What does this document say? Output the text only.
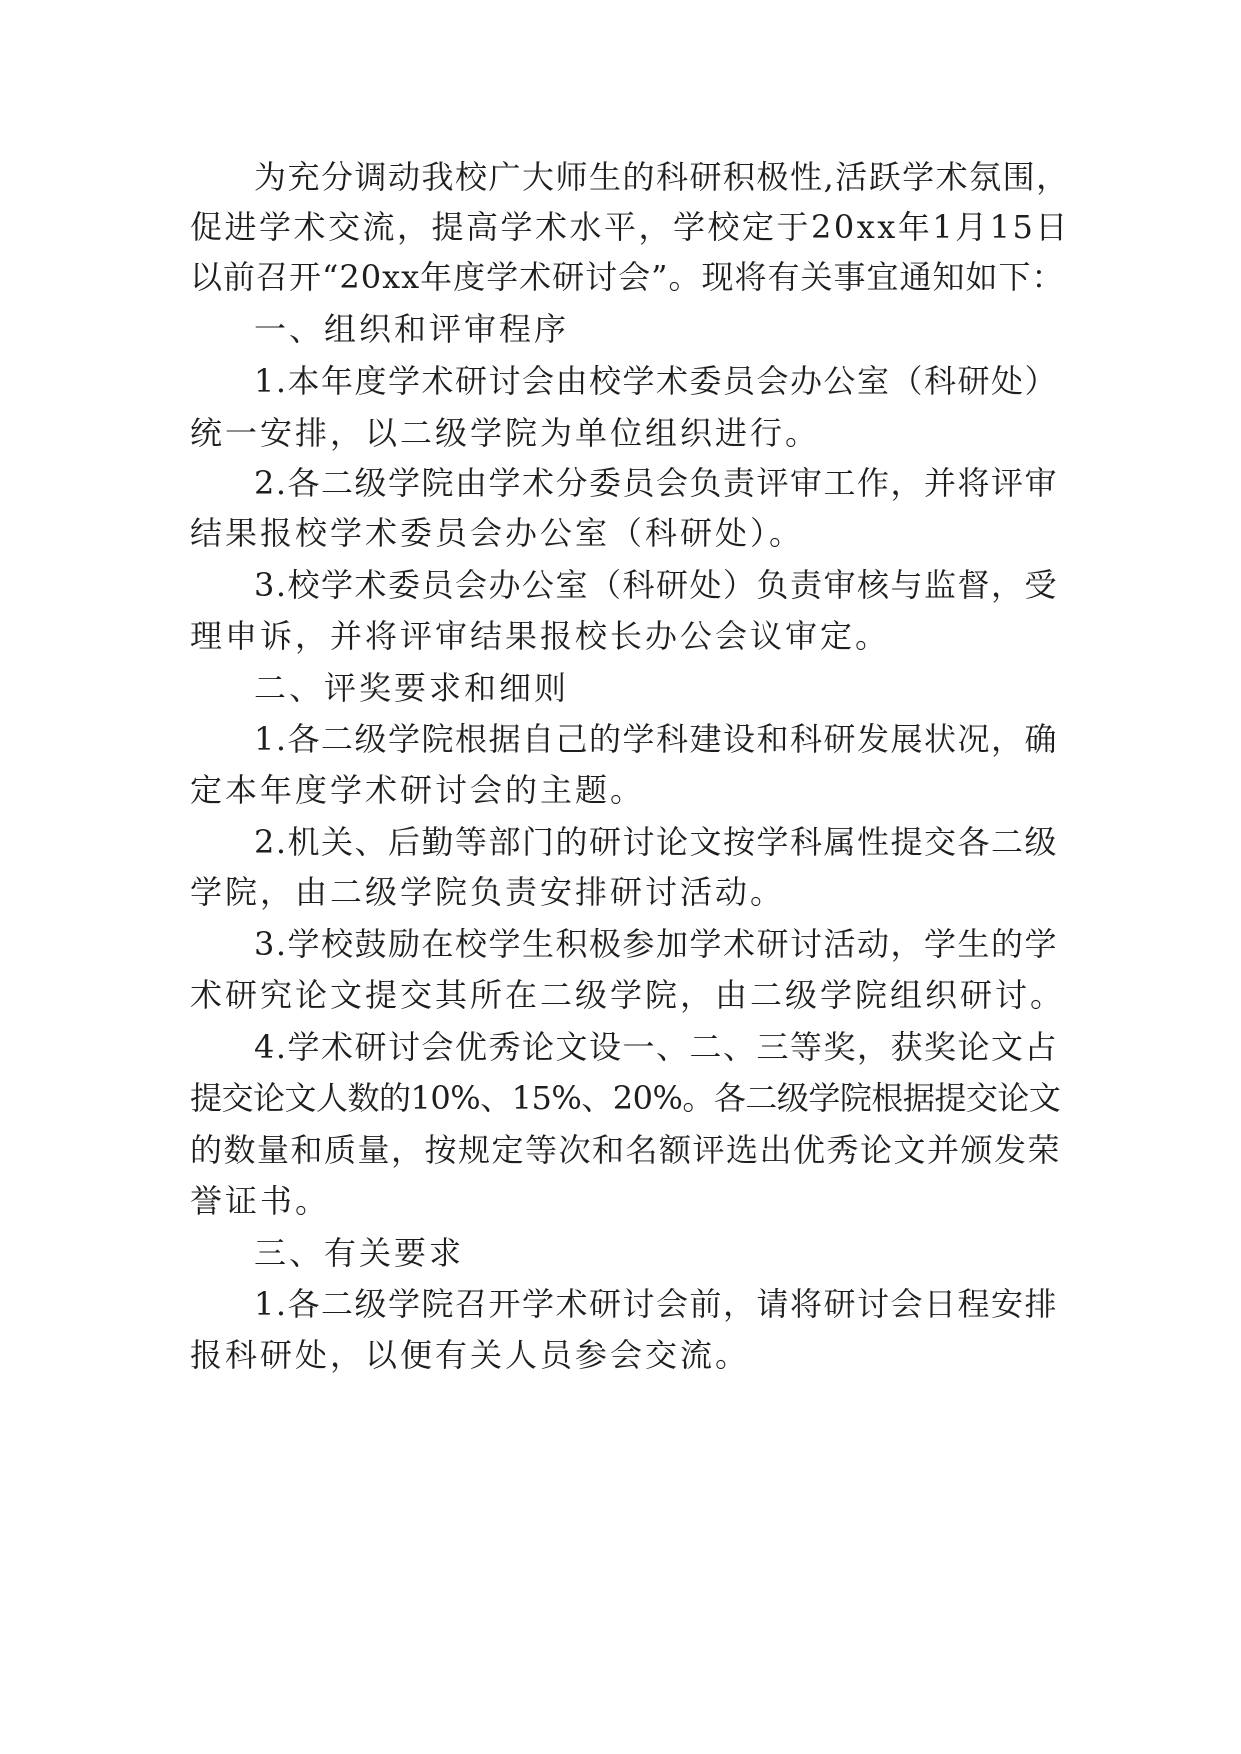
为充分调动我校广大师生的科研积极性,活跃学术氛围，
促进学术交流，提高学术水平，学校定于20xx年1月15日
以前召开“20xx年度学术研讨会”。现将有关事宜通知如下：
一、组织和评审程序
1.本年度学术研讨会由校学术委员会办公室（科研处）
统一安排，以二级学院为单位组织进行。
2.各二级学院由学术分委员会负责评审工作，并将评审
结果报校学术委员会办公室（科研处）。
3.校学术委员会办公室（科研处）负责审核与监督，受
理申诉，并将评审结果报校长办公会议审定。
二、评奖要求和细则
1.各二级学院根据自己的学科建设和科研发展状况，确
定本年度学术研讨会的主题。
2.机关、后勤等部门的研讨论文按学科属性提交各二级
学院，由二级学院负责安排研讨活动。
3.学校鼓励在校学生积极参加学术研讨活动，学生的学
术研究论文提交其所在二级学院，由二级学院组织研讨。
4.学术研讨会优秀论文设一、二、三等奖，获奖论文占
提交论文人数的10%、15%、20%。各二级学院根据提交论文
的数量和质量，按规定等次和名额评选出优秀论文并颁发荣
誉证书。
三、有关要求
1.各二级学院召开学术研讨会前，请将研讨会日程安排
报科研处，以便有关人员参会交流。
